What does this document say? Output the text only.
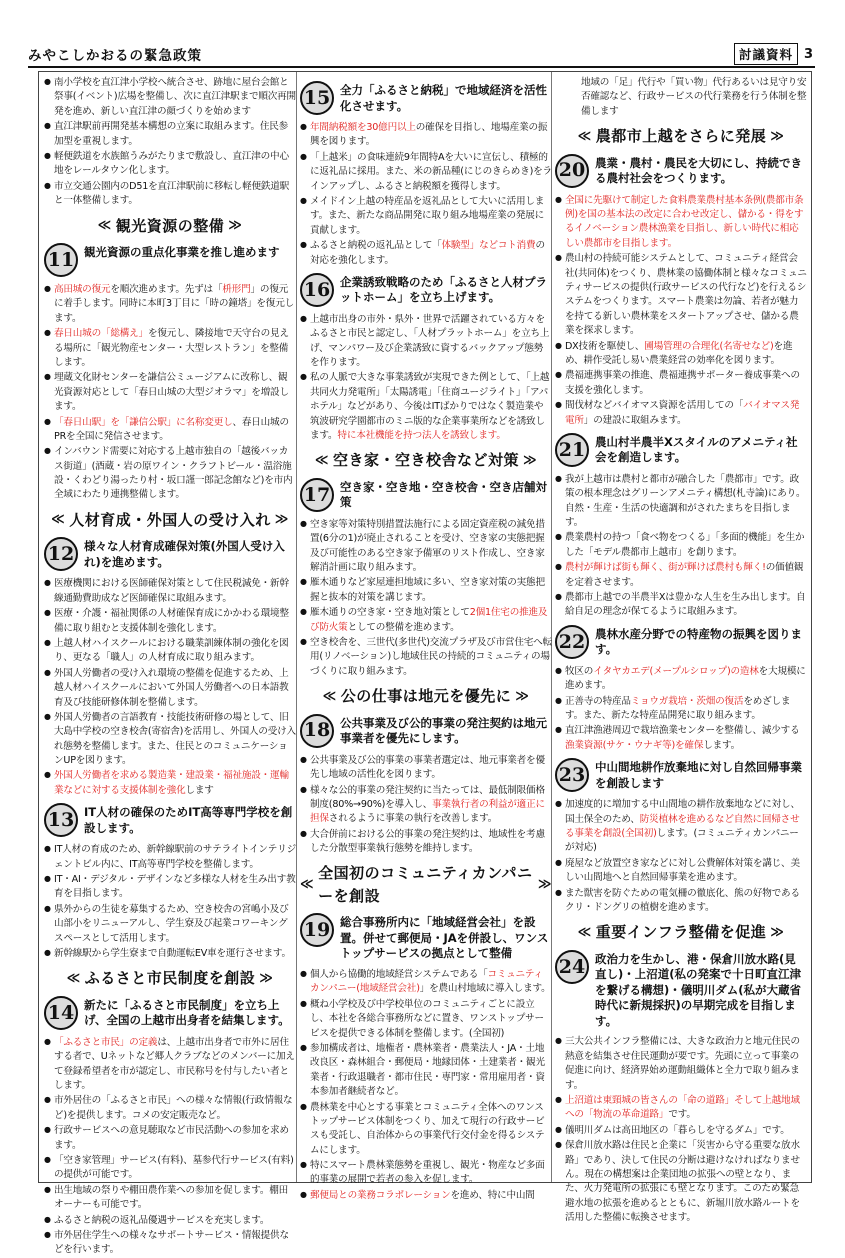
みやこしかおるの緊急政策	討議資料 3
● 南小学校を直江津小学校へ統合させ、跡地に屋台会館と祭事(イベント)広場を整備し、次に直江津駅まで順次再開発を進め、新しい直江津の顔づくりを始めます
● 直江津駅前再開発基本構想の立案に取組みます。住民参加型を重視します。
● 軽便鉄道を水族館うみがたりまで敷設し、直江津の中心地をレールタウン化します。
● 市立交通公園内のD51を直江津駅前に移転し軽便鉄道駅と一体整備します。
≪ 観光資源の整備 ≫
11 観光資源の重点化事業を推し進めます
● 高田城の復元を順次進めます。先ずは「枡形門」の復元に着手します。同時に本町3丁目に「時の鐘塔」を復元します。
● 春日山城の「総構え」を復元し、隣接地で天守台の見える場所に「観光物産センター・大型レストラン」を整備します。
● 埋蔵文化財センターを謙信公ミュージアムに改称し、観光資源対応として「春日山城の大型ジオラマ」を増設します。
● 「春日山駅」を「謙信公駅」に名称変更し、春日山城のPRを全国に発信させます。
● インバウンド需要に対応する上越市独自の「越後バッカス街道」(酒蔵・岩の原ワイン・クラフトビール・温浴施設・くわどり湯ったり村・坂口謹一郎記念館など)を市内全域にわたり連携整備します。
≪ 人材育成・外国人の受け入れ ≫
12 様々な人材育成確保対策(外国人受け入れ)を進めます。
● 医療機関における医師確保対策として住民税減免・新幹線通勤費助成など医師確保に取組みます。
● 医療・介護・福祉関係の人材確保育成にかかわる環境整備に取り組むと支援体制を強化します。
● 上越人材ハイスクールにおける職業訓練体制の強化を図り、更なる「職人」の人材育成に取り組みます。
● 外国人労働者の受け入れ環境の整備を促進するため、上越人材ハイスクールにおいて外国人労働者への日本語教育及び技能研修体制を整備します。
● 外国人労働者の言語教育・技能技術研修の場として、旧大島中学校の空き校舎(寄宿舎)を活用し、外国人の受け入れ態勢を整備します。また、住民とのコミュニケーションUPを図ります。
● 外国人労働者を求める製造業・建設業・福祉施設・運輸業などに対する支援体制を強化します
13 IT人材の確保のためIT高等専門学校を創設します。
● IT人材の育成のため、新幹線駅前のサテライトインテリジェントビル内に、IT高等専門学校を整備します。
● IT・AI・デジタル・デザインなど多様な人材を生み出す教育を目指します。
● 県外からの生徒を募集するため、空き校舎の宮嶋小及び山部小をリニューアルし、学生寮及び起業コワーキングスペースとして活用します。
● 新幹線駅から学生寮まで自動運転EV車を運行させます。
≪ ふるさと市民制度を創設 ≫
14 新たに「ふるさと市民制度」を立ち上げ、全国の上越市出身者を結集します。
● 「ふるさと市民」の定義は、上越市出身者で市外に居住する者で、Uネットなど郷人クラブなどのメンバーに加えて登録希望者を市が認定し、市民称号を付与したい者とします。
● 市外居住の「ふるさと市民」への様々な情報(行政情報など)を提供します。コメの安定販売など。
● 行政サービスへの意見聴取など市民活動への参加を求めます。
● 「空き家管理」サービス(有料)、墓参代行サービス(有料)の提供が可能です。
● 出生地域の祭りや棚田農作業への参加を促します。棚田オーナーも可能です。
● ふるさと納税の返礼品優遇サービスを充実します。
● 市外居住学生への様々なサポートサービス・情報提供などを行います。
15 全力「ふるさと納税」で地域経済を活性化させます。
● 年間納税額を30億円以上の確保を目指し、地場産業の振興を図ります。
● 「上越米」の食味連続9年間特Aを大いに宣伝し、積極的に返礼品に採用。また、米の新品種(にじのきらめき)をラインアップし、ふるさと納税額を獲得します。
● メイドイン上越の特産品を返礼品として大いに活用します。また、新たな商品開発に取り組み地場産業の発展に貢献します。
● ふるさと納税の返礼品として「体験型」などコト消費の対応を強化します。
16 企業誘致戦略のため「ふるさと人材プラットホーム」を立ち上げます。
● 上越市出身の市外・県外・世界で活躍されている方々をふるさと市民と認定し、「人材プラットホーム」を立ち上げ、マンパワー及び企業誘致に資するバックアップ態勢を作ります。
● 私の人脈で大きな事業誘致が実現できた例として、「上越共同火力発電所」「太陽誘電」「住商ユージライト」「アパホテル」などがあり、今後はITばかりではなく製造業や筑波研究学園都市のミニ版的な企業事業所などを誘致します。特に本社機能を持つ法人を誘致します。
≪ 空き家・空き校舎など対策 ≫
17 空き家・空き地・空き校舎・空き店舗対策
● 空き家等対策特別措置法施行による固定資産税の減免措置(6分の1)が廃止されることを受け、空き家の実態把握及び可能性のある空き家予備軍のリスト作成し、空き家解消計画に取り組みます。
● 雁木通りなど家屋連担地域に多い、空き家対策の実態把握と抜本的対策を講じます。
● 雁木通りの空き家・空き地対策として2個1住宅の推進及び防火策としての整備を進めます。
● 空き校舎を、三世代(多世代)交流プラザ及び市営住宅へ転用(リノベーション)し地域住民の持続的コミュニティの場づくりに取り組みます。
≪ 公の仕事は地元を優先に ≫
18 公共事業及び公的事業の発注契約は地元事業者を優先にします。
● 公共事業及び公的事業の事業者選定は、地元事業者を優先し地域の活性化を図ります。
● 様々な公的事業の発注契約に当たっては、最低制限価格制度(80%→90%)を導入し、事業執行者の利益が適正に担保されるように事業の執行を改善します。
● 大合併前における公的事業の発注契約は、地域性を考慮した分散型事業執行態勢を維持します。
≪
全国初のコミュニティカンパニーを創設
≫
19 総合事務所内に「地域経営会社」を設置。併せて郵便局・JAを併設し、ワンストップサービスの拠点として整備
● 個人から協働的地域経営システムである「コミュニティカンパニー(地域経営会社)」を農山村地域に導入します。
● 概ね小学校及び中学校単位のコミュニティごとに設立し、本社を各総合事務所などに置き、ワンストップサービスを提供できる体制を整備します。(全国初)
● 参加構成者は、地権者・農林業者・農業法人・JA・土地改良区・森林組合・郵便局・地縁団体・土建業者・観光業者・行政退職者・都市住民・専門家・常用雇用者・資本参加者継続者など。
● 農林業を中心とする事業とコミュニティ全体へのワンストップサービス体制をつくり、加えて現行の行政サービスも受託し、自治体からの事業代行交付金を得るシステムにします。
● 特にスマート農林業態勢を重視し、観光・物産など多面的事業の展開で若者の参入を促します。
● 郵便局との業務コラボレーションを進め、特に中山間
地域の「足」代行や「買い物」代行あるいは見守り安否確認など、行政サービスの代行業務を行う体制を整備します
≪ 農都市上越をさらに発展 ≫
20 農業・農村・農民を大切にし、持続できる農村社会をつくります。
● 全国に先駆けて制定した食料農業農村基本条例(農都市条例)を国の基本法の改定に合わせ改定し、儲かる・得をするイノベーション農林漁業を目指し、新しい時代に相応しい農都市を目指します。
● 農山村の持続可能システムとして、コミュニティ経営会社(共同体)をつくり、農林業の協働体制と様々なコミュニティサービスの提供(行政サービスの代行など)を行えるシステムをつくります。スマート農業は勿論、若者が魅力を持てる新しい農林業をスタートアップさせ、儲かる農業を探求します。
● DX技術を駆使し、圃場管理の合理化(名寄せなど)を進め、耕作受託し易い農業経営の効率化を図ります。
● 農福連携事業の推進、農福連携サポーター養成事業への支援を強化します。
● 間伐材などバイオマス資源を活用しての「バイオマス発電所」の建設に取組みます。
21 農山村半農半Xスタイルのアメニティ社会を創造します。
● 我が上越市は農村と都市が融合した「農都市」です。政策の根本理念はグリーンアメニティ構想(札寺論)にあり。自然・生産・生活の快適調和がされたまちを目指します。
● 農業農村の持つ「食べ物をつくる」「多面的機能」を生かした「モデル農都市上越市」を創ります。
● 農村が輝けば街も輝く、街が輝けば農村も輝く!の価値観を定着させます。
● 農都市上越での半農半Xは豊かな人生を生み出します。自給自足の理念が保てるように取組みます。
22 農林水産分野での特産物の振興を図ります。
● 牧区のイタヤカエデ(メープルシロップ)の造林を大規模に進めます。
● 正善寺の特産品ミョウガ栽培・茨畑の復活をめざします。また、新たな特産品開発に取り組みます。
● 直江津漁港周辺で栽培漁業センターを整備し、減少する漁業資源(サケ・ウナギ等)を確保します。
23 中山間地耕作放棄地に対し自然回帰事業を創設します
● 加速度的に増加する中山間地の耕作放棄地などに対し、国土保全のため、防災植林を進めるなど自然に回帰させる事業を創設(全国初)します。(コミュニティカンパニーが対応)
● 廃屋など放置空き家などに対し公費解体対策を講じ、美しい山間地へと自然回帰事業を進めます。
● また獣害を防ぐための電気柵の徹底化、熊の好物であるクリ・ドングリの植樹を進めます。
≪ 重要インフラ整備を促進 ≫
24 政治力を生かし、港・保倉川放水路(見直し)・上沼道(私の発案で十日町直江津を繋げる構想)・儀明川ダム(私が大蔵省時代に新規採択)の早期完成を目指します。
● 三大公共インフラ整備には、大きな政治力と地元住民の熱意を結集させ住民運動が要です。先頭に立って事業の促進に向け、経済界始め運動組織体と全力で取り組みます。
● 上沼道は東頸城の皆さんの「命の道路」そして上越地域への「物流の革命道路」です。
● 儀明川ダムは高田地区の「暮らしを守るダム」です。
● 保倉川放水路は住民と企業に「災害から守る重要な放水路」であり、決して住民の分断は避けなければなりません。現在の構想案は企業団地の拡張への壁となり、また、火力発電所の拡張にも壁となります。このため緊急避水地の拡張を進めるとともに、新堀川放水路ルートを活用した整備に転換させます。
